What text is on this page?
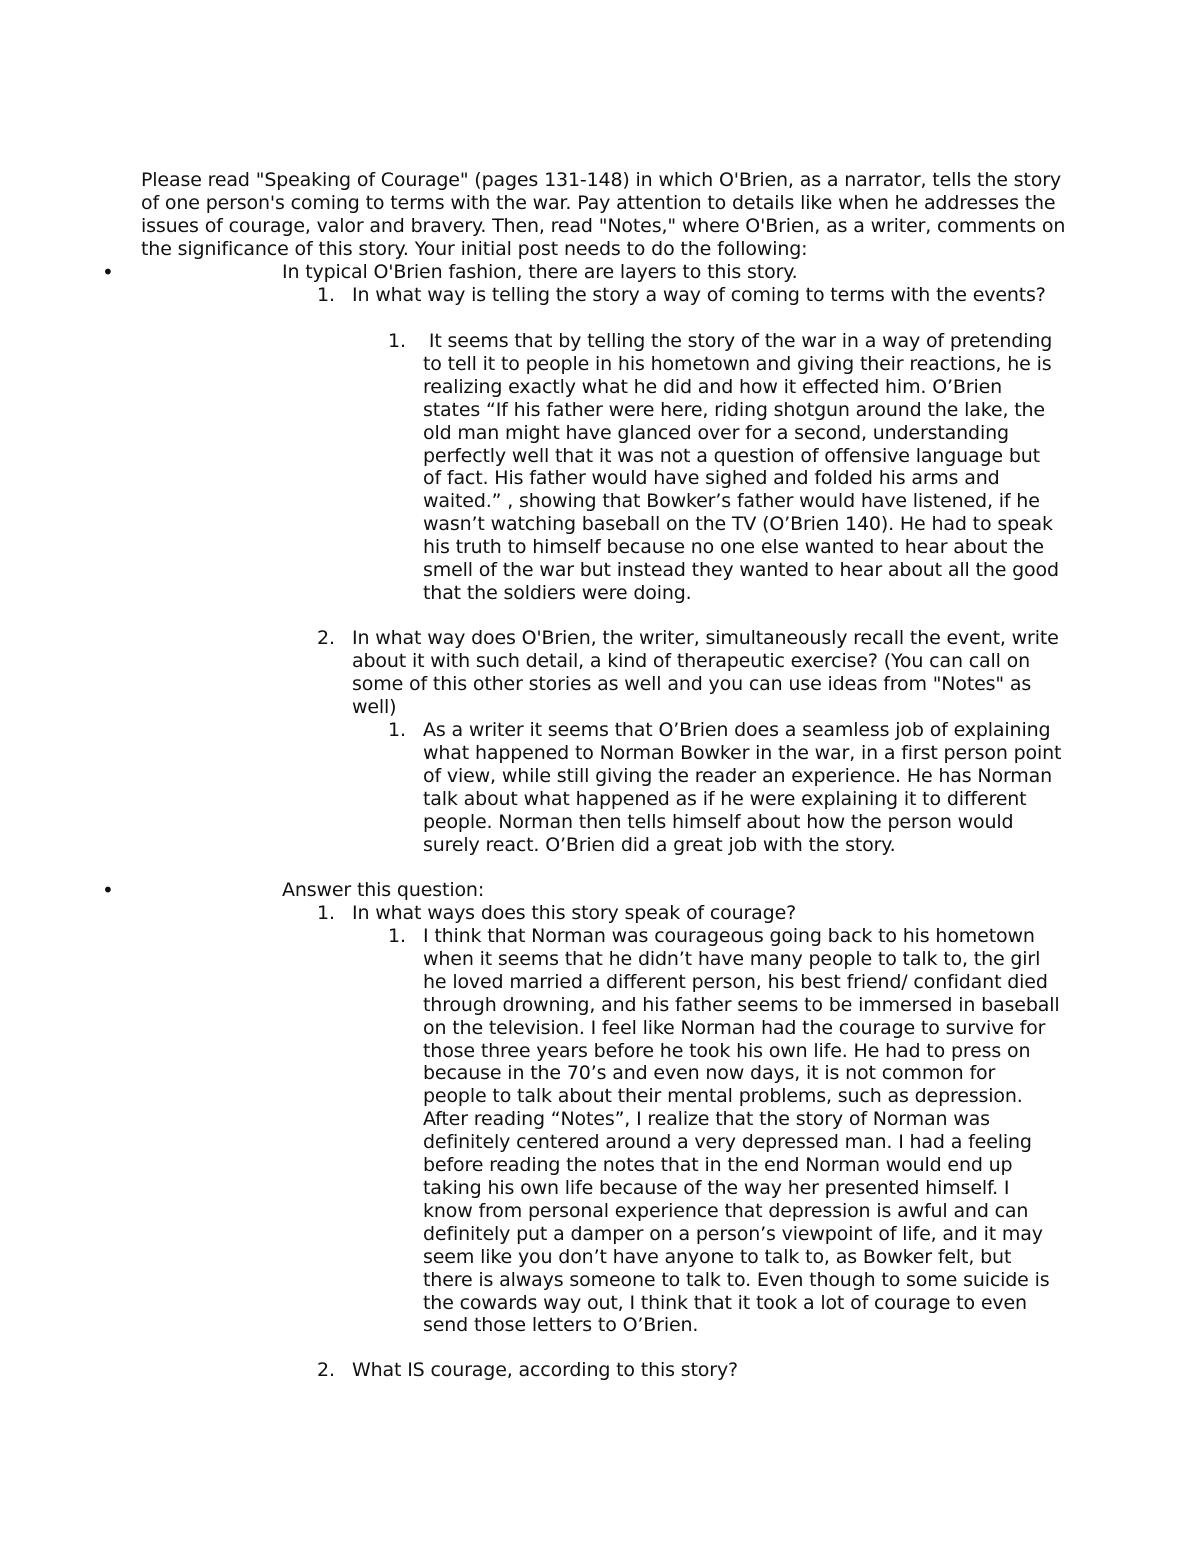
Please read "Speaking of Courage" (pages 131-148) in which O'Brien, as a narrator, tells the story of one person's coming to terms with the war. Pay attention to details like when he addresses the issues of courage, valor and bravery. Then, read "Notes," where O'Brien, as a writer, comments on the significance of this story. Your initial post needs to do the following:

•	In typical O'Brien fashion, there are layers to this story.

1. In what way is telling the story a way of coming to terms with the events?

1. It seems that by telling the story of the war in a way of pretending to tell it to people in his hometown and giving their reactions, he is realizing exactly what he did and how it effected him. O’Brien states “If his father were here, riding shotgun around the lake, the old man might have glanced over for a second, understanding perfectly well that it was not a question of offensive language but of fact. His father would have sighed and folded his arms and waited.” , showing that Bowker’s father would have listened, if he wasn’t watching baseball on the TV (O’Brien 140). He had to speak his truth to himself because no one else wanted to hear about the smell of the war but instead they wanted to hear about all the good that the soldiers were doing.

2. In what way does O'Brien, the writer, simultaneously recall the event, write about it with such detail, a kind of therapeutic exercise? (You can call on some of this other stories as well and you can use ideas from "Notes" as well)

1. As a writer it seems that O’Brien does a seamless job of explaining what happened to Norman Bowker in the war, in a first person point of view, while still giving the reader an experience. He has Norman talk about what happened as if he were explaining it to different people. Norman then tells himself about how the person would surely react. O’Brien did a great job with the story.

•	Answer this question:

1. In what ways does this story speak of courage?

1. I think that Norman was courageous going back to his hometown when it seems that he didn’t have many people to talk to, the girl he loved married a different person, his best friend/ confidant died through drowning, and his father seems to be immersed in baseball on the television. I feel like Norman had the courage to survive for those three years before he took his own life. He had to press on because in the 70’s and even now days, it is not common for people to talk about their mental problems, such as depression. After reading “Notes”, I realize that the story of Norman was definitely centered around a very depressed man. I had a feeling before reading the notes that in the end Norman would end up taking his own life because of the way her presented himself. I know from personal experience that depression is awful and can definitely put a damper on a person’s viewpoint of life, and it may seem like you don’t have anyone to talk to, as Bowker felt, but there is always someone to talk to. Even though to some suicide is the cowards way out, I think that it took a lot of courage to even send those letters to O’Brien.

2. What IS courage, according to this story?
